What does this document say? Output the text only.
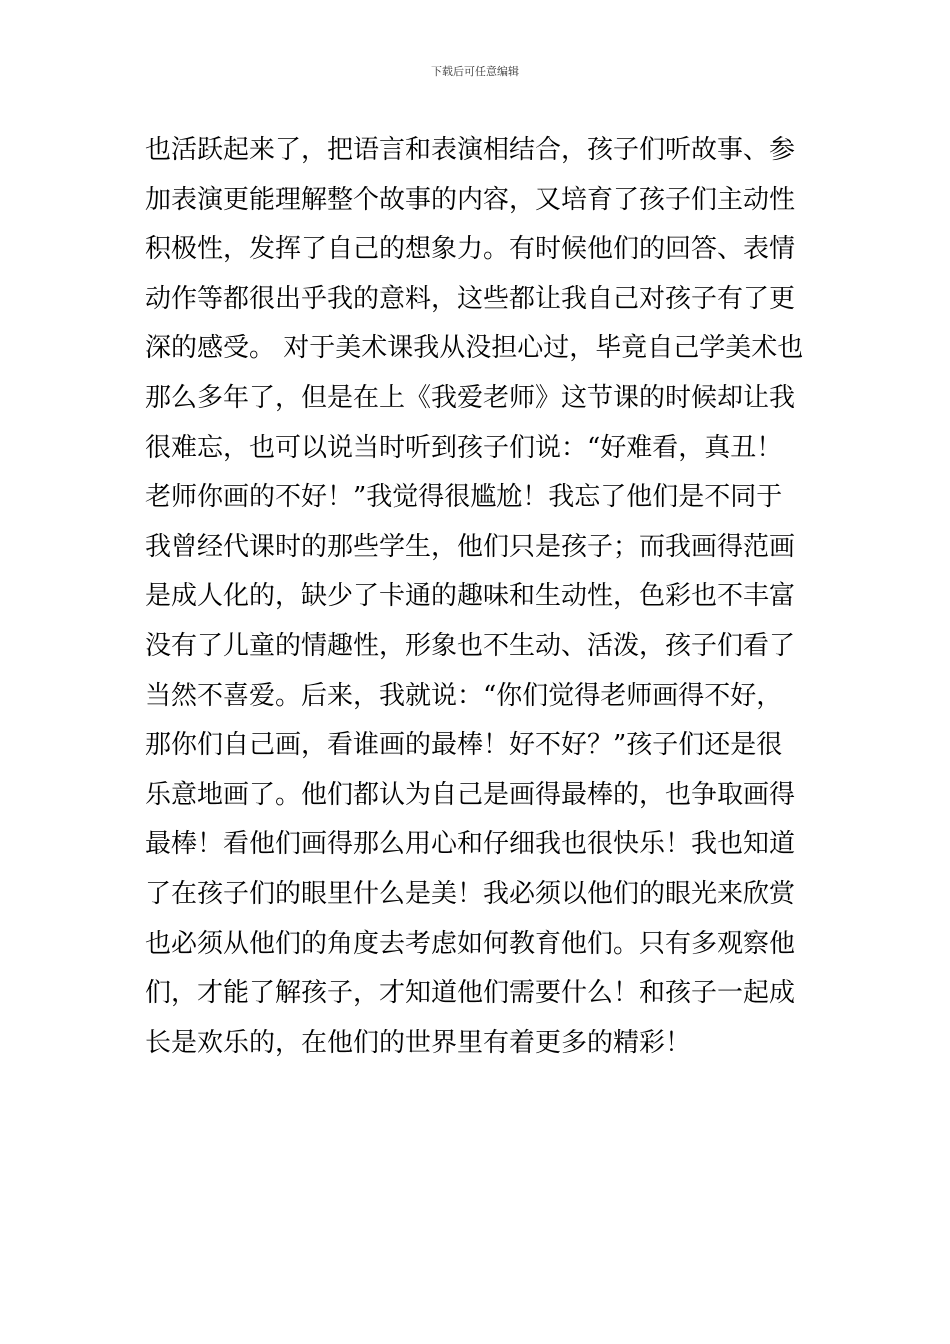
下载后可任意编辑
也活跃起来了，把语言和表演相结合，孩子们听故事、参
加表演更能理解整个故事的内容，又培育了孩子们主动性
积极性，发挥了自己的想象力。有时候他们的回答、表情
动作等都很出乎我的意料，这些都让我自己对孩子有了更
深的感受。 对于美术课我从没担心过，毕竟自己学美术也
那么多年了，但是在上《我爱老师》这节课的时候却让我
很难忘，也可以说当时听到孩子们说：“好难看，真丑！
老师你画的不好！”我觉得很尴尬！我忘了他们是不同于
我曾经代课时的那些学生，他们只是孩子；而我画得范画
是成人化的，缺少了卡通的趣味和生动性，色彩也不丰富
没有了儿童的情趣性，形象也不生动、活泼，孩子们看了
当然不喜爱。后来，我就说：“你们觉得老师画得不好，
那你们自己画，看谁画的最棒！好不好？”孩子们还是很
乐意地画了。他们都认为自己是画得最棒的，也争取画得
最棒！看他们画得那么用心和仔细我也很快乐！我也知道
了在孩子们的眼里什么是美！我必须以他们的眼光来欣赏
也必须从他们的角度去考虑如何教育他们。只有多观察他
们，才能了解孩子，才知道他们需要什么！和孩子一起成
长是欢乐的，在他们的世界里有着更多的精彩！
